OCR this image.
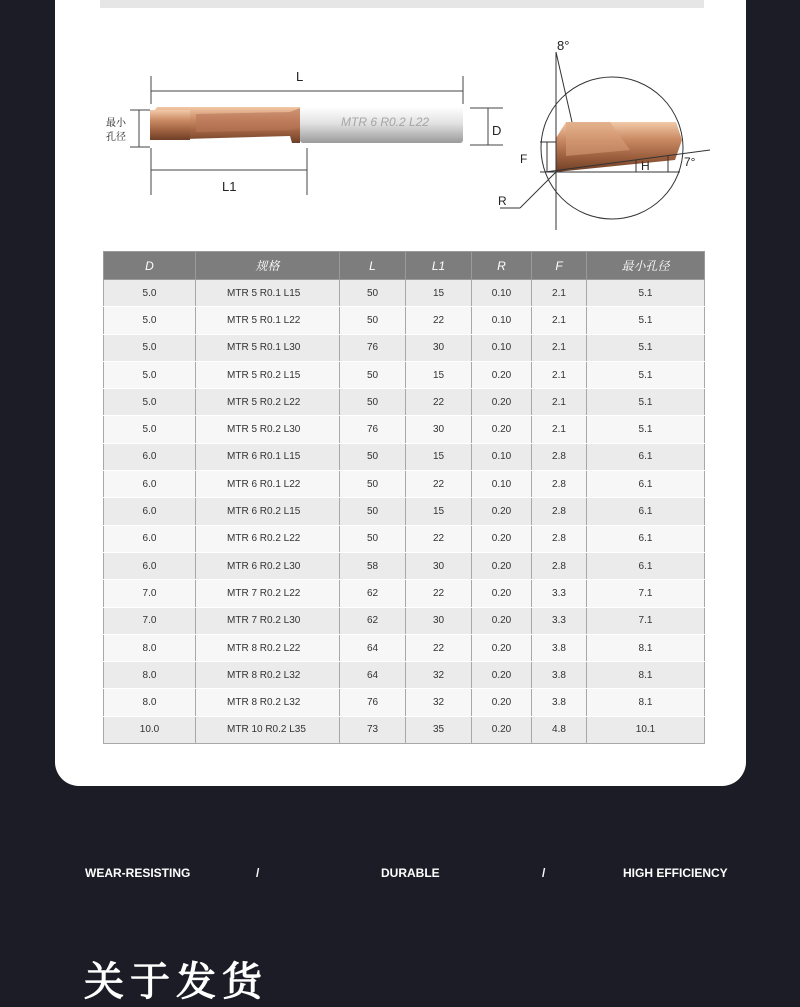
L
MTR 6 R0.2 L22
D
最小
孔径
L1
8°
7°
F	H
R
D	规格	L	L1	R	F	最小孔径
5.0	MTR 5 R0.1 L15	50	15	0.10	2.1	5.1
5.0	MTR 5 R0.1 L22	50	22	0.10	2.1	5.1
5.0	MTR 5 R0.1 L30	76	30	0.10	2.1	5.1
5.0	MTR 5 R0.2 L15	50	15	0.20	2.1	5.1
5.0	MTR 5 R0.2 L22	50	22	0.20	2.1	5.1
5.0	MTR 5 R0.2 L30	76	30	0.20	2.1	5.1
6.0	MTR 6 R0.1 L15	50	15	0.10	2.8	6.1
6.0	MTR 6 R0.1 L22	50	22	0.10	2.8	6.1
6.0	MTR 6 R0.2 L15	50	15	0.20	2.8	6.1
6.0	MTR 6 R0.2 L22	50	22	0.20	2.8	6.1
6.0	MTR 6 R0.2 L30	58	30	0.20	2.8	6.1
7.0	MTR 7 R0.2 L22	62	22	0.20	3.3	7.1
7.0	MTR 7 R0.2 L30	62	30	0.20	3.3	7.1
8.0	MTR 8 R0.2 L22	64	22	0.20	3.8	8.1
8.0	MTR 8 R0.2 L32	64	32	0.20	3.8	8.1
8.0	MTR 8 R0.2 L32	76	32	0.20	3.8	8.1
10.0	MTR 10 R0.2 L35	73	35	0.20	4.8	10.1
WEAR-RESISTING	/	DURABLE	/	HIGH EFFICIENCY
关于发货
